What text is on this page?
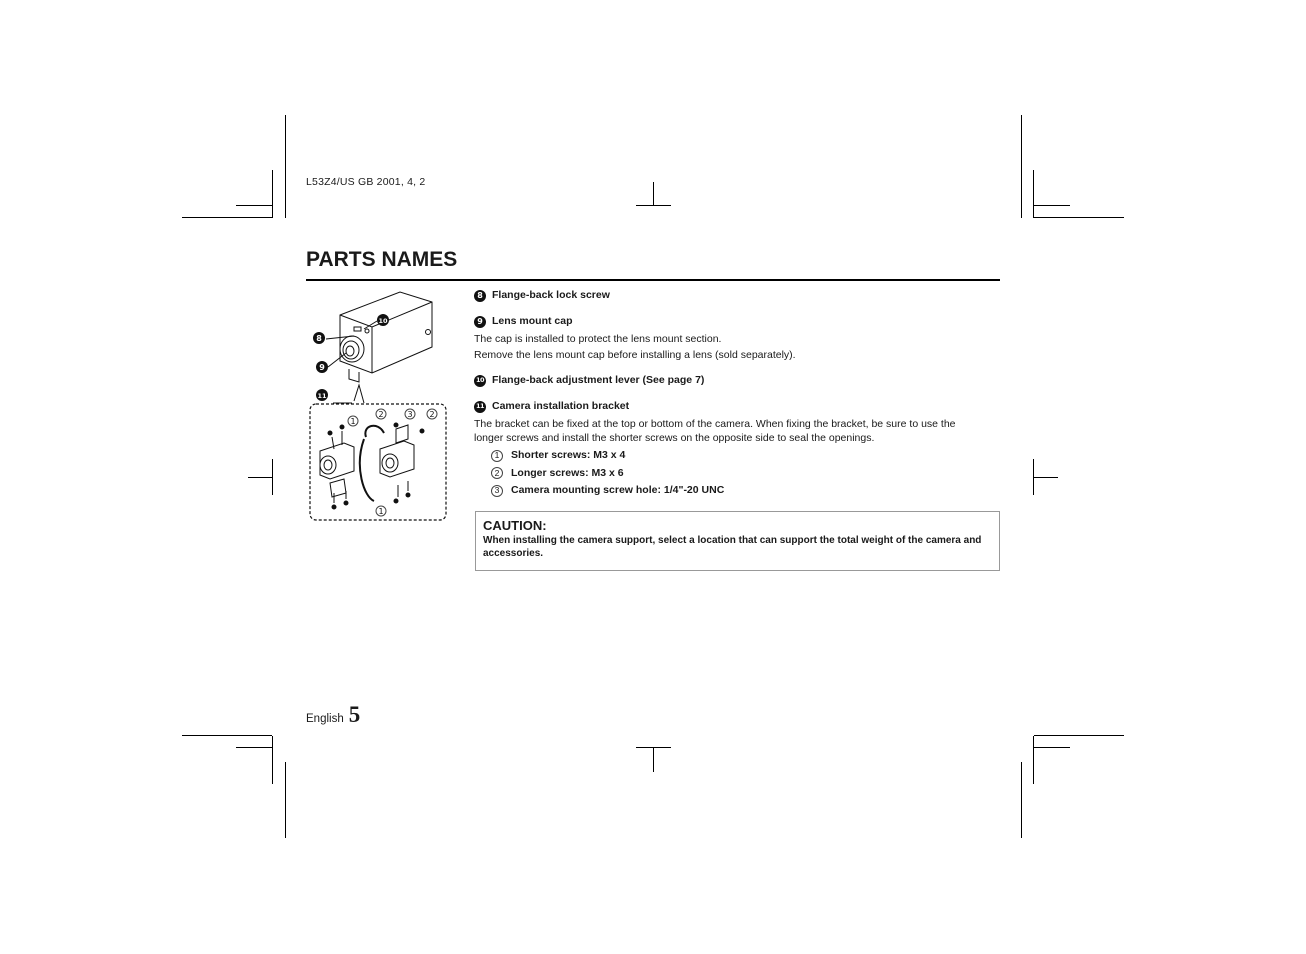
L53Z4/US GB 2001, 4, 2
PARTS NAMES
8
9
10
11
1
2	3 2
1
8 Flange-back lock screw
9 Lens mount cap

The cap is installed to protect the lens mount section.

Remove the lens mount cap before installing a lens (sold separately).

10 Flange-back adjustment lever (See page 7)
11 Camera installation bracket

The bracket can be fixed at the top or bottom of the camera. When fixing the bracket, be sure to use the longer screws and install the shorter screws on the opposite side to seal the openings.

1	Shorter screws: M3 x 4
2	Longer screws: M3 x 6
3	Camera mounting screw hole: 1/4"-20 UNC

CAUTION:

When installing the camera support, select a location that can support the total weight of the camera and accessories.

English 5
